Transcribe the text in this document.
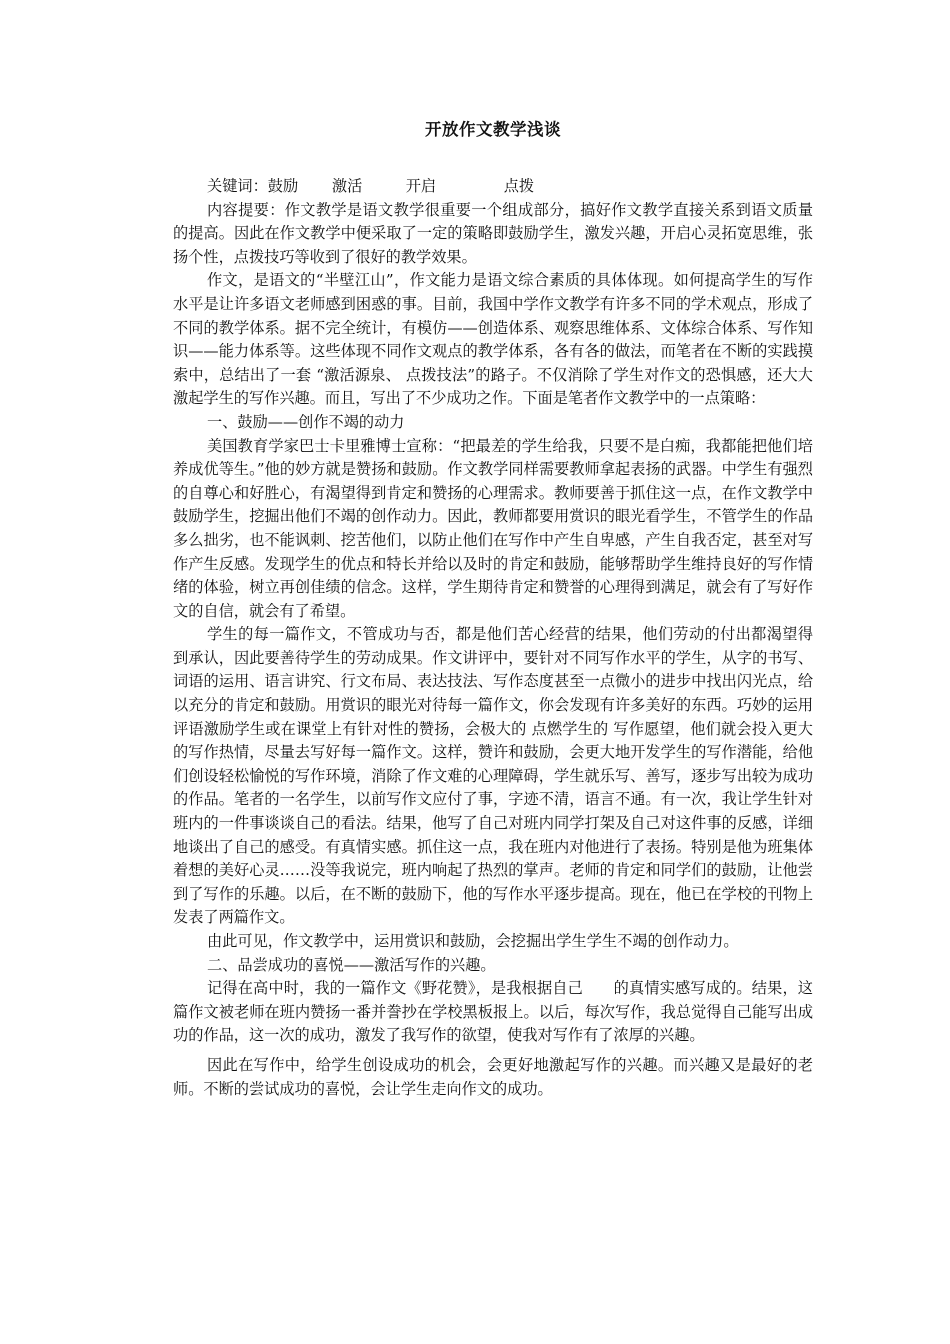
开放作文教学浅谈
关键词：鼓励       激活         开启              点拨

内容提要：作文教学是语文教学很重要一个组成部分，搞好作文教学直接关系到语文质量的提高。因此在作文教学中便采取了一定的策略即鼓励学生，激发兴趣，开启心灵拓宽思维，张扬个性，点拨技巧等收到了很好的教学效果。

作文，是语文的“半壁江山”，作文能力是语文综合素质的具体体现。如何提高学生的写作水平是让许多语文老师感到困惑的事。目前，我国中学作文教学有许多不同的学术观点，形成了不同的教学体系。据不完全统计，有模仿——创造体系、观察思维体系、文体综合体系、写作知识——能力体系等。这些体现不同作文观点的教学体系，各有各的做法，而笔者在不断的实践摸索中，总结出了一套 “激活源泉、 点拨技法”的路子。不仅消除了学生对作文的恐惧感，还大大激起学生的写作兴趣。而且，写出了不少成功之作。下面是笔者作文教学中的一点策略：

一、鼓励——创作不竭的动力

美国教育学家巴士卡里雅博士宣称：“把最差的学生给我，只要不是白痴，我都能把他们培养成优等生。”他的妙方就是赞扬和鼓励。作文教学同样需要教师拿起表扬的武器。中学生有强烈的自尊心和好胜心，有渴望得到肯定和赞扬的心理需求。教师要善于抓住这一点，在作文教学中鼓励学生，挖掘出他们不竭的创作动力。因此，教师都要用赏识的眼光看学生，不管学生的作品多么拙劣，也不能讽刺、挖苦他们，以防止他们在写作中产生自卑感，产生自我否定，甚至对写作产生反感。发现学生的优点和特长并给以及时的肯定和鼓励，能够帮助学生维持良好的写作情绪的体验，树立再创佳绩的信念。这样，学生期待肯定和赞誉的心理得到满足，就会有了写好作文的自信，就会有了希望。

学生的每一篇作文，不管成功与否，都是他们苦心经营的结果，他们劳动的付出都渴望得到承认，因此要善待学生的劳动成果。作文讲评中，要针对不同写作水平的学生，从字的书写、词语的运用、语言讲究、行文布局、表达技法、写作态度甚至一点微小的进步中找出闪光点，给以充分的肯定和鼓励。用赏识的眼光对待每一篇作文，你会发现有许多美好的东西。巧妙的运用评语激励学生或在课堂上有针对性的赞扬，会极大的 点燃学生的 写作愿望，他们就会投入更大的写作热情，尽量去写好每一篇作文。这样，赞许和鼓励，会更大地开发学生的写作潜能，给他们创设轻松愉悦的写作环境，消除了作文难的心理障碍，学生就乐写、善写，逐步写出较为成功的作品。笔者的一名学生，以前写作文应付了事，字迹不清，语言不通。有一次，我让学生针对班内的一件事谈谈自己的看法。结果，他写了自己对班内同学打架及自己对这件事的反感，详细地谈出了自己的感受。有真情实感。抓住这一点，我在班内对他进行了表扬。特别是他为班集体着想的美好心灵……没等我说完，班内响起了热烈的掌声。老师的肯定和同学们的鼓励，让他尝到了写作的乐趣。以后，在不断的鼓励下，他的写作水平逐步提高。现在，他已在学校的刊物上发表了两篇作文。

由此可见，作文教学中，运用赏识和鼓励，会挖掘出学生学生不竭的创作动力。

二、品尝成功的喜悦——激活写作的兴趣。

记得在高中时，我的一篇作文《野花赞》，是我根据自己　　的真情实感写成的。结果，这篇作文被老师在班内赞扬一番并誊抄在学校黑板报上。以后，每次写作，我总觉得自己能写出成功的作品，这一次的成功，激发了我写作的欲望，使我对写作有了浓厚的兴趣。

因此在写作中，给学生创设成功的机会，会更好地激起写作的兴趣。而兴趣又是最好的老师。不断的尝试成功的喜悦，会让学生走向作文的成功。
